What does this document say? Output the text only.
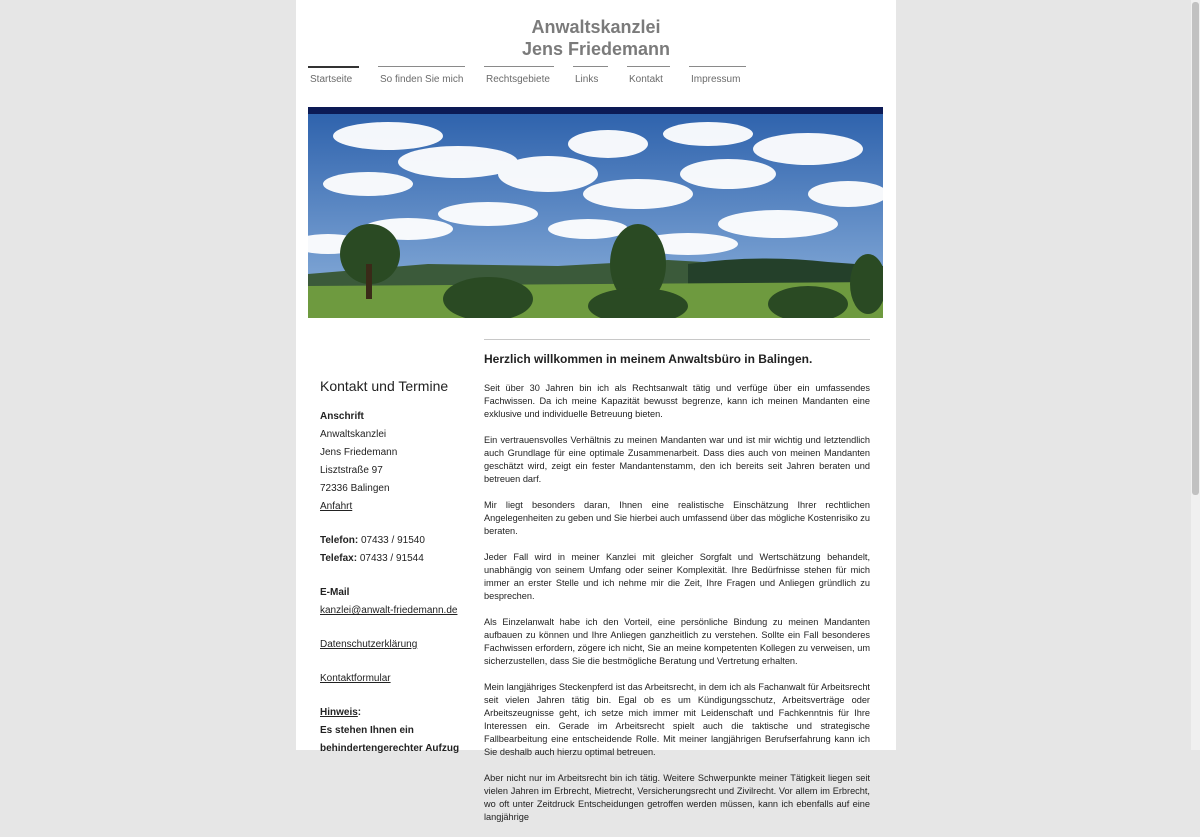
Anwaltskanzlei
Jens Friedemann
Startseite	So finden Sie mich Rechtsgebiete	Links	Kontakt	Impressum
Kontakt und Termine
Anschrift
Anwaltskanzlei
Jens Friedemann
Lisztstraße 97
72336 Balingen
Anfahrt
Telefon: 07433 / 91540
Telefax: 07433 / 91544
E-Mail
kanzlei@anwalt-friedemann.de
Datenschutzerklärung
Kontaktformular
Hinweis:
Es stehen Ihnen ein
behindertengerechter Aufzug
Herzlich willkommen in meinem Anwaltsbüro in Balingen.

Seit über 30 Jahren bin ich als Rechtsanwalt tätig und verfüge über ein umfassendes Fachwissen. Da ich meine Kapazität bewusst begrenze, kann ich meinen Mandanten eine exklusive und individuelle Betreuung bieten.

Ein vertrauensvolles Verhältnis zu meinen Mandanten war und ist mir wichtig und letztendlich auch Grundlage für eine optimale Zusammenarbeit. Dass dies auch von meinen Mandanten geschätzt wird, zeigt ein fester Mandantenstamm, den ich bereits seit Jahren beraten und betreuen darf.

Mir liegt besonders daran, Ihnen eine realistische Einschätzung Ihrer rechtlichen Angelegenheiten zu geben und Sie hierbei auch umfassend über das mögliche Kostenrisiko zu beraten.

Jeder Fall wird in meiner Kanzlei mit gleicher Sorgfalt und Wertschätzung behandelt, unabhängig von seinem Umfang oder seiner Komplexität. Ihre Bedürfnisse stehen für mich immer an erster Stelle und ich nehme mir die Zeit, Ihre Fragen und Anliegen gründlich zu besprechen.

Als Einzelanwalt habe ich den Vorteil, eine persönliche Bindung zu meinen Mandanten aufbauen zu können und Ihre Anliegen ganzheitlich zu verstehen. Sollte ein Fall besonderes Fachwissen erfordern, zögere ich nicht, Sie an meine kompetenten Kollegen zu verweisen, um sicherzustellen, dass Sie die bestmögliche Beratung und Vertretung erhalten.

Mein langjähriges Steckenpferd ist das Arbeitsrecht, in dem ich als Fachanwalt für Arbeitsrecht seit vielen Jahren tätig bin. Egal ob es um Kündigungsschutz, Arbeitsverträge oder Arbeitszeugnisse geht, ich setze mich immer mit Leidenschaft und Fachkenntnis für Ihre Interessen ein. Gerade im Arbeitsrecht spielt auch die taktische und strategische Fallbearbeitung eine entscheidende Rolle. Mit meiner langjährigen Berufserfahrung kann ich Sie deshalb auch hierzu optimal betreuen.

Aber nicht nur im Arbeitsrecht bin ich tätig. Weitere Schwerpunkte meiner Tätigkeit liegen seit vielen Jahren im Erbrecht, Mietrecht, Versicherungsrecht und Zivilrecht. Vor allem im Erbrecht, wo oft unter Zeitdruck Entscheidungen getroffen werden müssen, kann ich ebenfalls auf eine langjährige
